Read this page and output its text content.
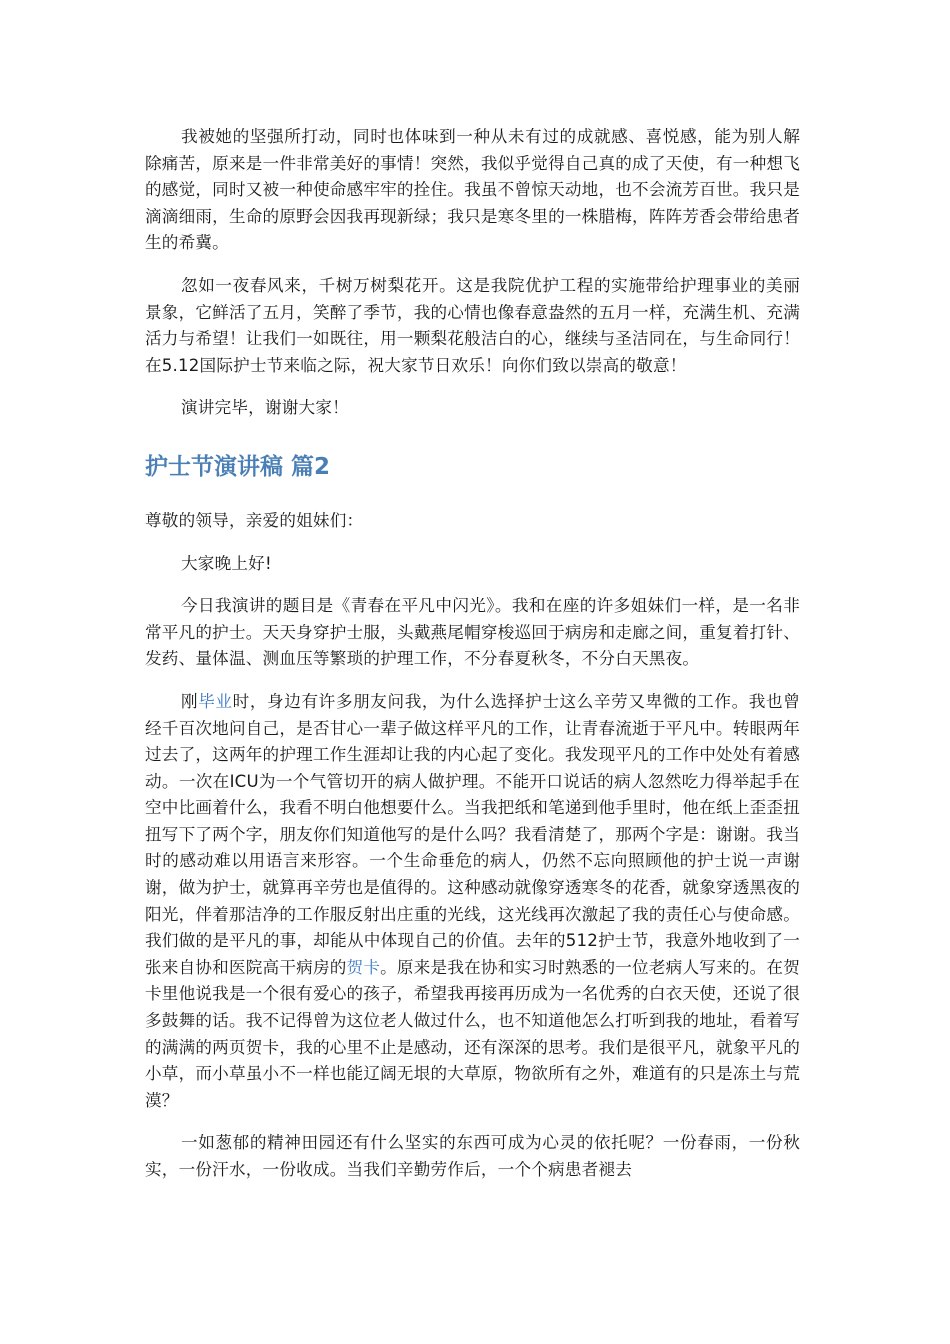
我被她的坚强所打动，同时也体味到一种从未有过的成就感、喜悦感，能为别人解除痛苦，原来是一件非常美好的事情！突然，我似乎觉得自己真的成了天使，有一种想飞的感觉，同时又被一种使命感牢牢的拴住。我虽不曾惊天动地，也不会流芳百世。我只是滴滴细雨，生命的原野会因我再现新绿；我只是寒冬里的一株腊梅，阵阵芳香会带给患者生的希冀。

忽如一夜春风来，千树万树梨花开。这是我院优护工程的实施带给护理事业的美丽景象，它鲜活了五月，笑醉了季节，我的心情也像春意盎然的五月一样，充满生机、充满活力与希望！让我们一如既往，用一颗梨花般洁白的心，继续与圣洁同在，与生命同行！在5.12国际护士节来临之际，祝大家节日欢乐！向你们致以崇高的敬意！

演讲完毕，谢谢大家！

护士节演讲稿 篇2

尊敬的领导，亲爱的姐妹们：

大家晚上好!

今日我演讲的题目是《青春在平凡中闪光》。我和在座的许多姐妹们一样，是一名非常平凡的护士。天天身穿护士服，头戴燕尾帽穿梭巡回于病房和走廊之间，重复着打针、发药、量体温、测血压等繁琐的护理工作，不分春夏秋冬，不分白天黑夜。

刚毕业时，身边有许多朋友问我，为什么选择护士这么辛劳又卑微的工作。我也曾经千百次地问自己，是否甘心一辈子做这样平凡的工作，让青春流逝于平凡中。转眼两年过去了，这两年的护理工作生涯却让我的内心起了变化。我发现平凡的工作中处处有着感动。一次在ICU为一个气管切开的病人做护理。不能开口说话的病人忽然吃力得举起手在空中比画着什么，我看不明白他想要什么。当我把纸和笔递到他手里时，他在纸上歪歪扭扭写下了两个字，朋友你们知道他写的是什么吗？我看清楚了，那两个字是：谢谢。我当时的感动难以用语言来形容。一个生命垂危的病人，仍然不忘向照顾他的护士说一声谢谢，做为护士，就算再辛劳也是值得的。这种感动就像穿透寒冬的花香，就象穿透黑夜的阳光，伴着那洁净的工作服反射出庄重的光线，这光线再次激起了我的责任心与使命感。我们做的是平凡的事，却能从中体现自己的价值。去年的512护士节，我意外地收到了一张来自协和医院高干病房的贺卡。原来是我在协和实习时熟悉的一位老病人写来的。在贺卡里他说我是一个很有爱心的孩子，希望我再接再历成为一名优秀的白衣天使，还说了很多鼓舞的话。我不记得曾为这位老人做过什么，也不知道他怎么打听到我的地址，看着写的满满的两页贺卡，我的心里不止是感动，还有深深的思考。我们是很平凡，就象平凡的小草，而小草虽小不一样也能辽阔无垠的大草原，物欲所有之外，难道有的只是冻土与荒漠？

一如葱郁的精神田园还有什么坚实的东西可成为心灵的依托呢？一份春雨，一份秋实，一份汗水，一份收成。当我们辛勤劳作后，一个个病患者褪去
